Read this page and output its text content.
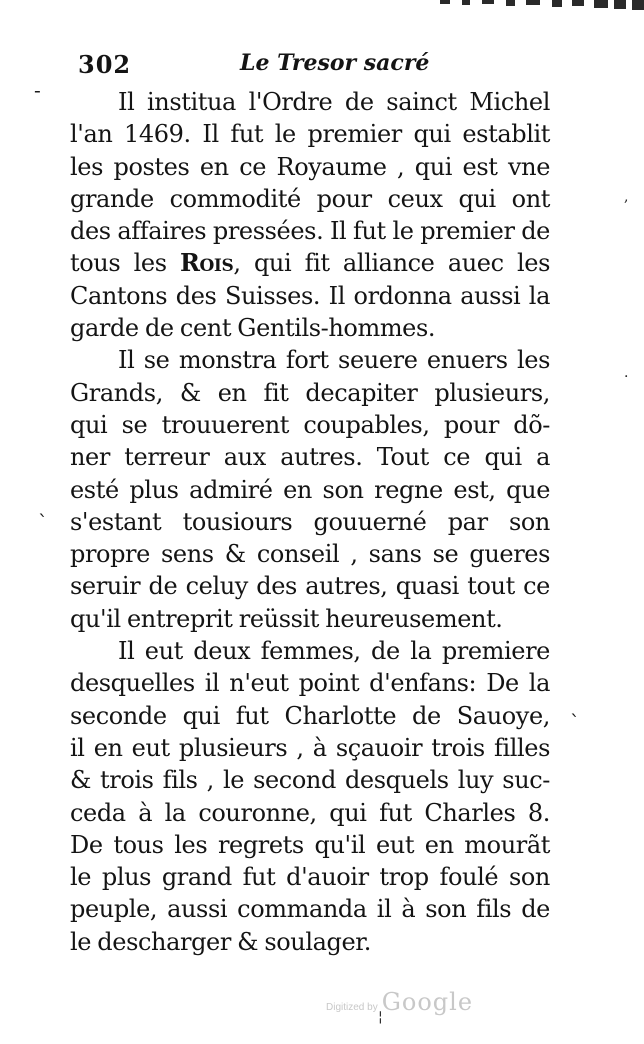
‑
`
`
,
·
¦
302	Le Tresor sacré
Il institua l'Ordre de sainct Michel
l'an 1469. Il fut le premier qui establit
les postes en ce Royaume , qui est vne
grande commodité pour ceux qui ont
des affaires pressées. Il fut le premier de
tous les Rois, qui fit alliance auec les
Cantons des Suisses. Il ordonna aussi la
garde de cent Gentils-hommes.
Il se monstra fort seuere enuers les
Grands, & en fit decapiter plusieurs,
qui se trouuerent coupables, pour dõ-
ner terreur aux autres. Tout ce qui a
esté plus admiré en son regne est, que
s'estant tousiours gouuerné par son
propre sens & conseil , sans se gueres
seruir de celuy des autres, quasi tout ce
qu'il entreprit reüssit heureusement.
Il eut deux femmes, de la premiere
desquelles il n'eut point d'enfans: De la
seconde qui fut Charlotte de Sauoye,
il en eut plusieurs , à sçauoir trois filles
& trois fils , le second desquels luy suc-
ceda à la couronne, qui fut Charles 8.
De tous les regrets qu'il eut en mourãt
le plus grand fut d'auoir trop foulé son
peuple, aussi commanda il à son fils de
le descharger & soulager.
Digitized by Google
